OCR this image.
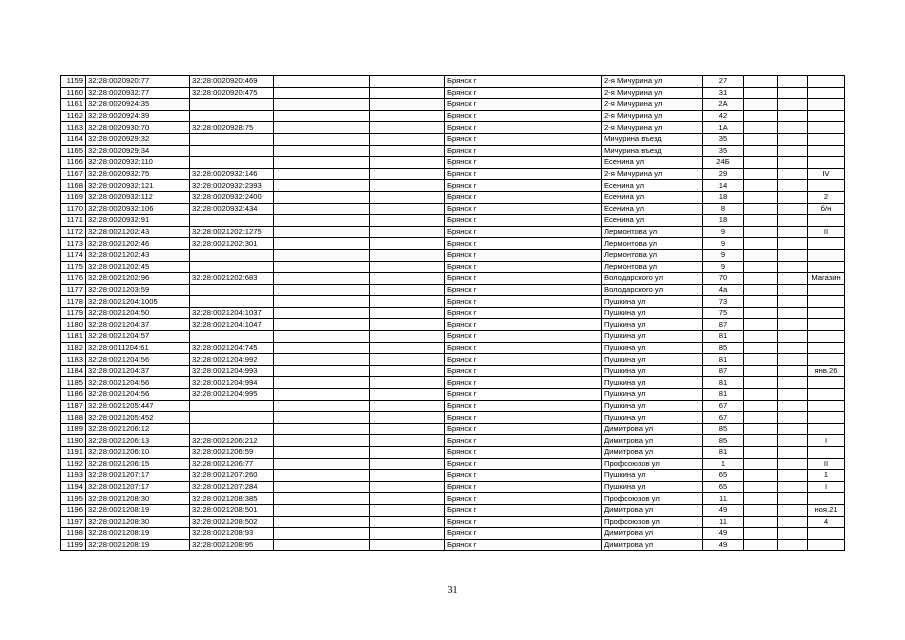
1159	32:28:0020920:77	32:28:0020920:469			Брянск г	2-я Мичурина ул	27			
1160	32:28:0020932:77	32:28:0020920:475			Брянск г	2-я Мичурина ул	31			
1161	32:28:0020924:35				Брянск г	2-я Мичурина ул	2А			
1162	32:28:0020924:39				Брянск г	2-я Мичурина ул	42			
1163	32:28:0020930:70	32:28:0020928:75			Брянск г	2-я Мичурина ул	1А			
1164	32:28:0020929:32				Брянск г	Мичурина въезд	35			
1165	32:28:0020929:34				Брянск г	Мичурина въезд	35			
1166	32:28:0020932:110				Брянск г	Есенина ул	24Б			
1167	32:28:0020932:75	32:28:0020932:146			Брянск г	2-я Мичурина ул	29			IV
1168	32:28:0020932:121	32:28:0020932:2393			Брянск г	Есенина ул	14			
1169	32:28:0020932:112	32:28:0020932:2400			Брянск г	Есенина ул	18			2
1170	32:28:0020932:106	32:28:0020932:434			Брянск г	Есенина ул	8			б/н
1171	32:28:0020932:91				Брянск г	Есенина ул	18			
1172	32:28:0021202:43	32:28:0021202:1275			Брянск г	Лермонтова ул	9			II
1173	32:28:0021202:46	32:28:0021202:301			Брянск г	Лермонтова ул	9			
1174	32:28:0021202:43				Брянск г	Лермонтова ул	9			
1175	32:28:0021202:45				Брянск г	Лермонтова ул	9			
1176	32:28:0021202:96	32:28:0021202:683			Брянск г	Володарского ул	70			Магазин
1177	32:28:0021203:59				Брянск г	Володарского ул	4а			
1178	32:28:0021204:1005				Брянск г	Пушкина ул	73			
1179	32:28:0021204:50	32:28:0021204:1037			Брянск г	Пушкина ул	75			
1180	32:28:0021204:37	32:28:0021204:1047			Брянск г	Пушкина ул	87			
1181	32:28:0021204:57				Брянск г	Пушкина ул	81			
1182	32:28:0011204:61	32:28:0021204:745			Брянск г	Пушкина ул	85			
1183	32:28:0021204:56	32:28:0021204:992			Брянск г	Пушкина ул	81			
1184	32:28:0021204:37	32:28:0021204:993			Брянск г	Пушкина ул	87			янв.26
1185	32:28:0021204:56	32:28:0021204:994			Брянск г	Пушкина ул	81			
1186	32:28:0021204:56	32:28:0021204:995			Брянск г	Пушкина ул	81			
1187	32:28:0021205:447				Брянск г	Пушкина ул	67			
1188	32:28:0021205:452				Брянск г	Пушкина ул	67			
1189	32:28:0021206:12				Брянск г	Димитрова ул	85			
1190	32:28:0021206:13	32:28:0021206:212			Брянск г	Димитрова ул	85			I
1191	32:28:0021206:10	32:28:0021206:59			Брянск г	Димитрова ул	81			
1192	32:28:0021206:15	32:28:0021206:77			Брянск г	Профсоюзов ул	1			II
1193	32:28:0021207:17	32:28:0021207:260			Брянск г	Пушкина ул	65			1
1194	32:28:0021207:17	32:28:0021207:284			Брянск г	Пушкина ул	65			I
1195	32:28:0021208:30	32:28:0021208:385			Брянск г	Профсоюзов ул	11			
1196	32:28:0021208:19	32:28:0021208:501			Брянск г	Димитрова ул	49			ноя.21
1197	32:28:0021208:30	32:28:0021208:502			Брянск г	Профсоюзов ул	11			4
1198	32:28:0021208:19	32:28:0021208:93			Брянск г	Димитрова ул	49			
1199	32:28:0021208:19	32:28:0021208:95			Брянск г	Димитрова ул	49			
31
